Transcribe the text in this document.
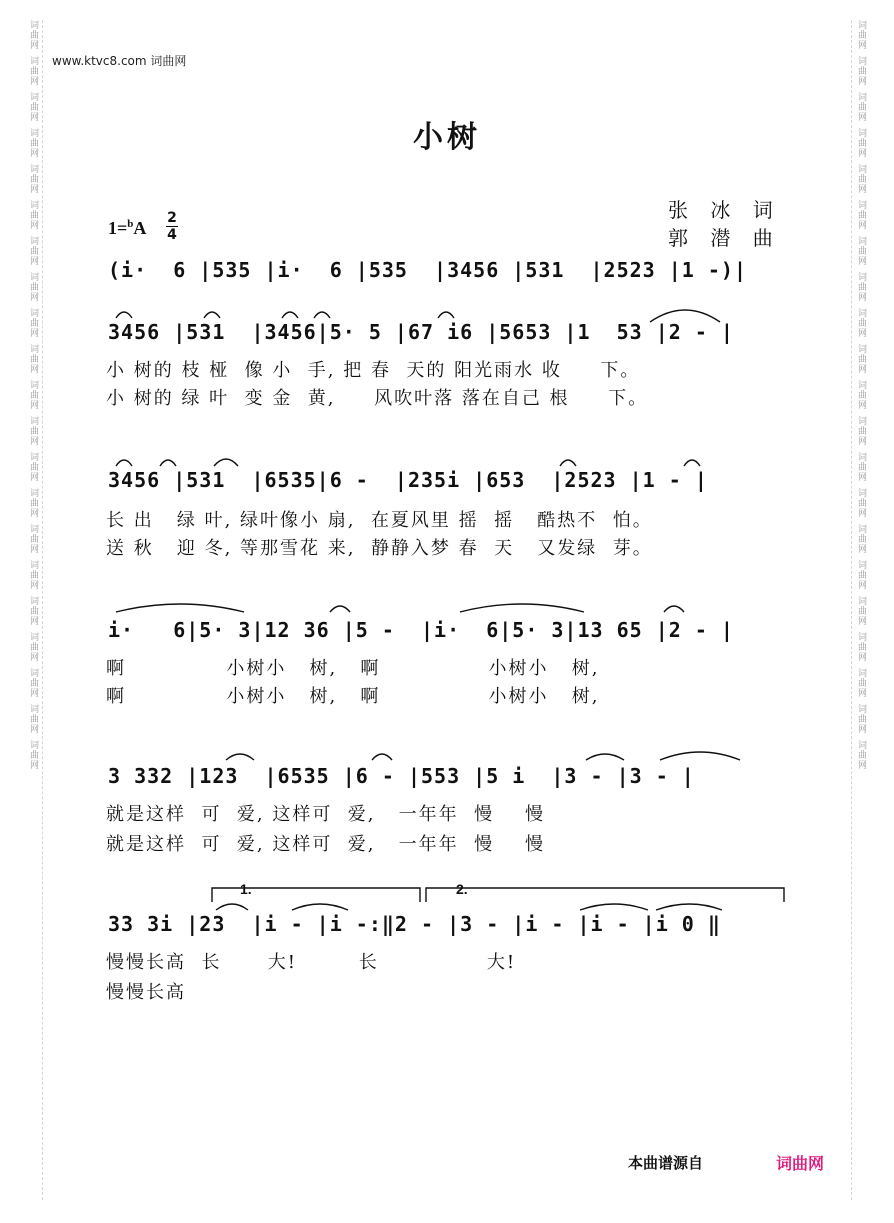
词曲网
词曲网
词曲网
词曲网
词曲网
词曲网
词曲网
词曲网
词曲网
词曲网
词曲网
词曲网
词曲网
词曲网
词曲网
词曲网
词曲网
词曲网
词曲网
词曲网
词曲网
词曲网
词曲网
词曲网
词曲网
词曲网
词曲网
词曲网
词曲网
词曲网
词曲网
词曲网
词曲网
词曲网
词曲网
词曲网
词曲网
词曲网
词曲网
词曲网
词曲网
词曲网
www.ktvc8.com 词曲网
小树
张 冰 词
郭 潜 曲
1=$^b$A 2
4
(i·  6 |535 |i·  6 |535  |3456 |531  |2523 |1 -)|
3456 |531  |3456|5· 5 |67 i6 |5653 |1  53 |2 - |
小 树的 枝 桠  像 小  手, 把 春  天的 阳光雨水 收     下。
小 树的 绿 叶  变 金  黄,     风吹叶落 落在自己 根     下。
3456 |531  |6535|6 -  |235i |653  |2523 |1 - |
长 出   绿 叶, 绿叶像小 扇,  在夏风里 摇  摇   酷热不  怕。
送 秋   迎 冬, 等那雪花 来,  静静入梦 春  天   又发绿  芽。
i·   6|5· 3|12 36 |5 -  |i·  6|5· 3|13 65 |2 - |
啊             小树小   树,   啊              小树小   树,
啊             小树小   树,   啊              小树小   树,
3 332 |123  |6535 |6 - |553 |5 i  |3 - |3 - |
就是这样  可  爱, 这样可  爱,   一年年  慢    慢
就是这样  可  爱, 这样可  爱,   一年年  慢    慢
33 3i |23  |i - |i -:‖2 - |3 - |i - |i - |i 0 ‖
慢慢长高  长      大!        长              大!
慢慢长高
1.	2.
本曲谱源自	词曲网
